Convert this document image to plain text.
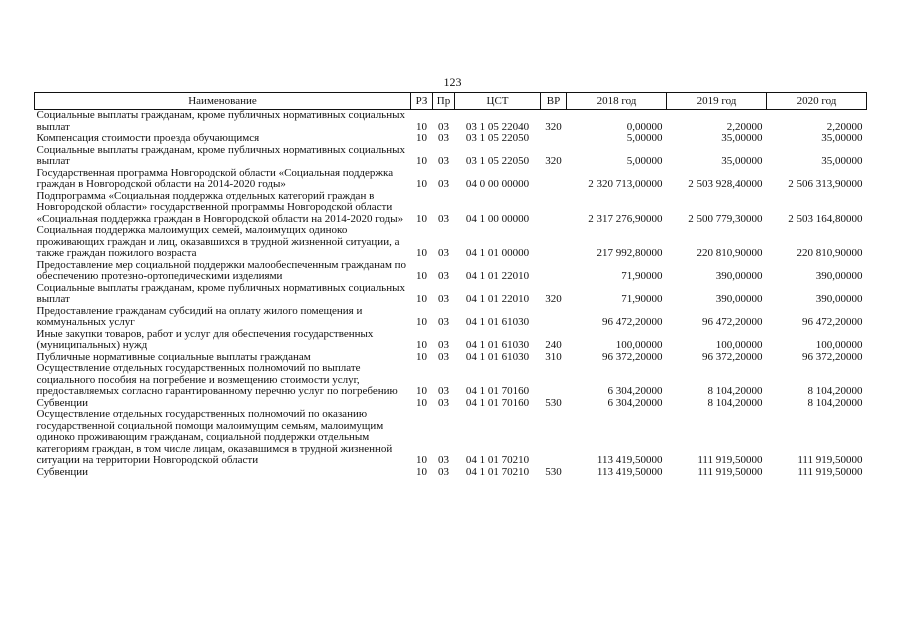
123
Наименование	РЗ	Пр	ЦСТ	ВР	2018 год	2019 год	2020 год
Социальные выплаты гражданам, кроме публичных нормативных социальных выплат	10	03	03 1 05 22040	320	0,00000	2,20000	2,20000
Компенсация стоимости проезда обучающимся	10	03	03 1 05 22050		5,00000	35,00000	35,00000
Социальные выплаты гражданам, кроме публичных нормативных социальных выплат	10	03	03 1 05 22050	320	5,00000	35,00000	35,00000
Государственная программа Новгородской области «Социальная поддержка граждан в Новгородской области на 2014-2020 годы»	10	03	04 0 00 00000		2 320 713,00000	2 503 928,40000	2 506 313,90000
Подпрограмма «Социальная поддержка отдельных категорий граждан в Новгородской области» государственной программы Новгородской области «Социальная поддержка граждан в Новгородской области на 2014-2020 годы»	10	03	04 1 00 00000		2 317 276,90000	2 500 779,30000	2 503 164,80000
Социальная поддержка малоимущих семей, малоимущих одиноко проживающих граждан и лиц, оказавшихся в трудной жизненной ситуации, а также граждан пожилого возраста	10	03	04 1 01 00000		217 992,80000	220 810,90000	220 810,90000
Предоставление мер социальной поддержки малообеспеченным гражданам по обеспечению протезно-ортопедическими изделиями	10	03	04 1 01 22010		71,90000	390,00000	390,00000
Социальные выплаты гражданам, кроме публичных нормативных социальных выплат	10	03	04 1 01 22010	320	71,90000	390,00000	390,00000
Предоставление гражданам субсидий на оплату жилого помещения и коммунальных услуг	10	03	04 1 01 61030		96 472,20000	96 472,20000	96 472,20000
Иные закупки товаров, работ и услуг для обеспечения государственных (муниципальных) нужд	10	03	04 1 01 61030	240	100,00000	100,00000	100,00000
Публичные нормативные социальные выплаты гражданам	10	03	04 1 01 61030	310	96 372,20000	96 372,20000	96 372,20000
Осуществление отдельных государственных полномочий по выплате социального пособия на погребение и возмещению стоимости услуг, предоставляемых согласно гарантированному перечню услуг по погребению	10	03	04 1 01 70160		6 304,20000	8 104,20000	8 104,20000
Субвенции	10	03	04 1 01 70160	530	6 304,20000	8 104,20000	8 104,20000
Осуществление отдельных государственных полномочий по оказанию государственной социальной помощи малоимущим семьям, малоимущим одиноко проживающим гражданам, социальной поддержки отдельным категориям граждан, в том числе лицам, оказавшимся в трудной жизненной ситуации на территории Новгородской области	10	03	04 1 01 70210		113 419,50000	111 919,50000	111 919,50000
Субвенции	10	03	04 1 01 70210	530	113 419,50000	111 919,50000	111 919,50000
